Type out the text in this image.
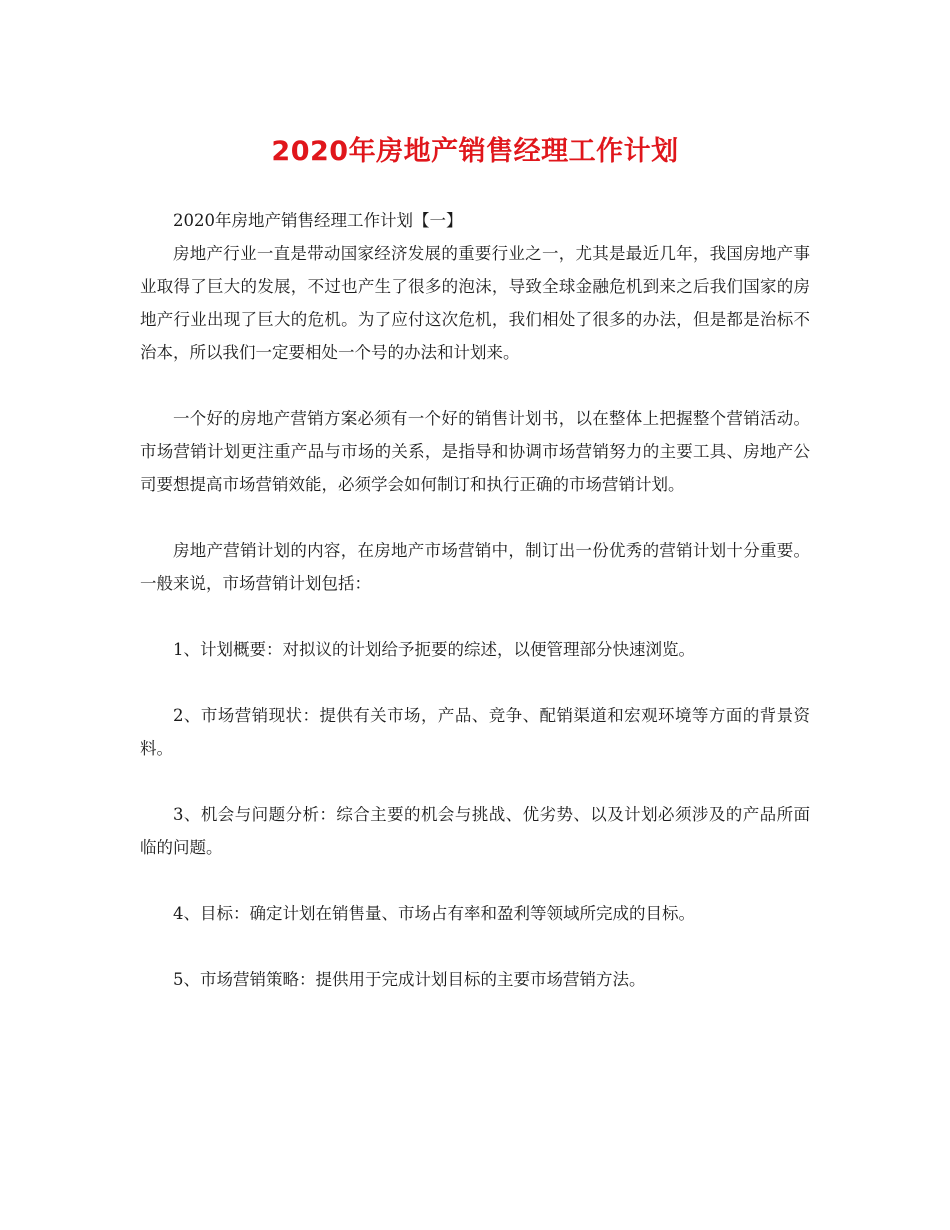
2020年房地产销售经理工作计划

2020年房地产销售经理工作计划【一】

房地产行业一直是带动国家经济发展的重要行业之一，尤其是最近几年，我国房地产事业取得了巨大的发展，不过也产生了很多的泡沫，导致全球金融危机到来之后我们国家的房地产行业出现了巨大的危机。为了应付这次危机，我们相处了很多的办法，但是都是治标不治本，所以我们一定要相处一个号的办法和计划来。

一个好的房地产营销方案必须有一个好的销售计划书，以在整体上把握整个营销活动。市场营销计划更注重产品与市场的关系，是指导和协调市场营销努力的主要工具、房地产公司要想提高市场营销效能，必须学会如何制订和执行正确的市场营销计划。

房地产营销计划的内容，在房地产市场营销中，制订出一份优秀的营销计划十分重要。一般来说，市场营销计划包括：

1、计划概要：对拟议的计划给予扼要的综述，以便管理部分快速浏览。

2、市场营销现状：提供有关市场，产品、竞争、配销渠道和宏观环境等方面的背景资料。

3、机会与问题分析：综合主要的机会与挑战、优劣势、以及计划必须涉及的产品所面临的问题。

4、目标：确定计划在销售量、市场占有率和盈利等领域所完成的目标。

5、市场营销策略：提供用于完成计划目标的主要市场营销方法。
